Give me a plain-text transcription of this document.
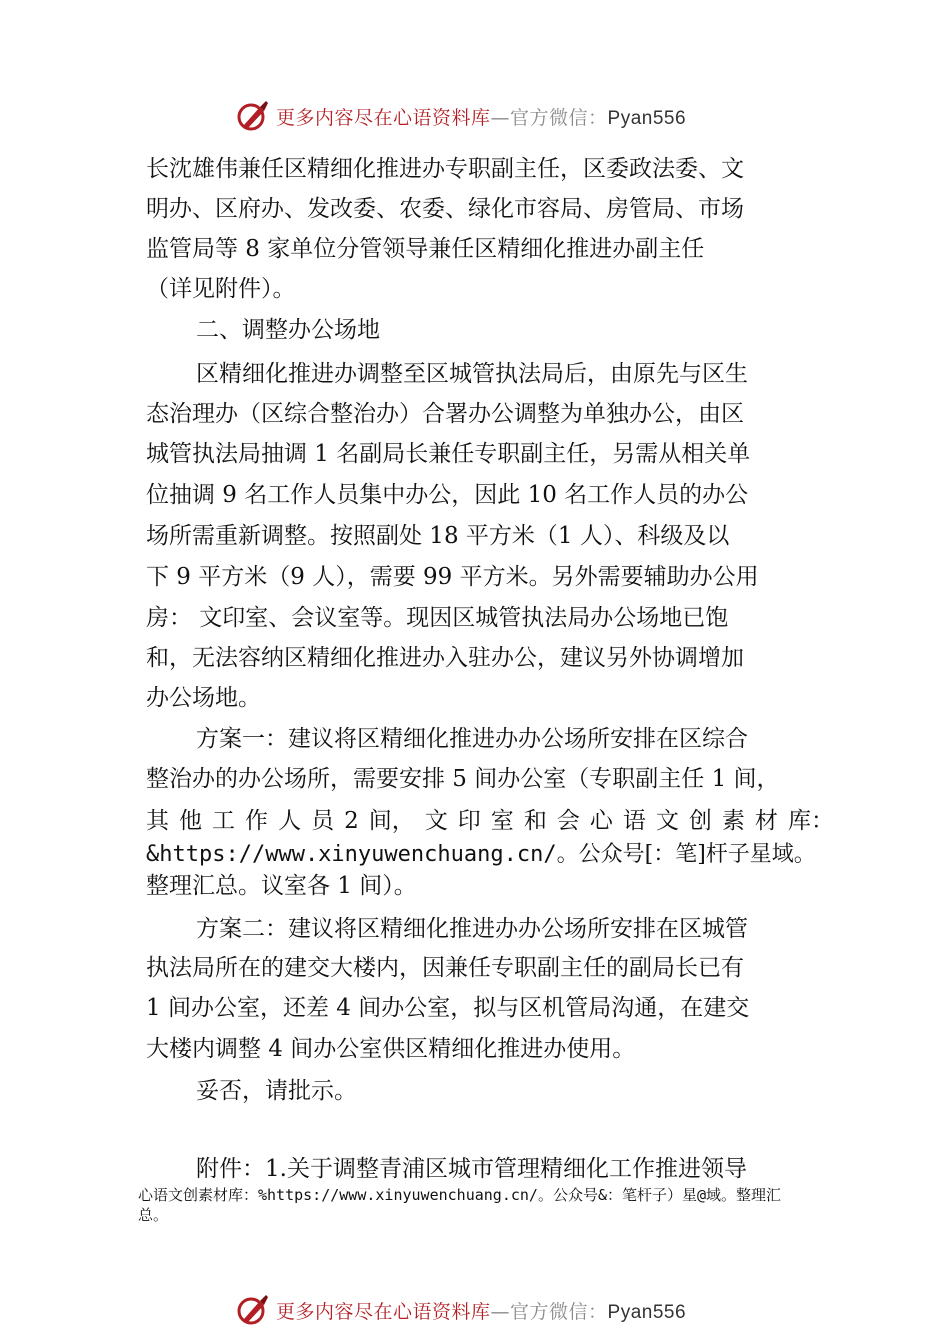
更多内容尽在心语资料库—官方微信：Pyan556
长沈雄伟兼任区精细化推进办专职副主任，区委政法委、文
明办、区府办、发改委、农委、绿化市容局、房管局、市场
监管局等 8 家单位分管领导兼任区精细化推进办副主任
（详见附件）。
二、调整办公场地
区精细化推进办调整至区城管执法局后，由原先与区生
态治理办（区综合整治办）合署办公调整为单独办公，由区
城管执法局抽调 1 名副局长兼任专职副主任，另需从相关单
位抽调 9 名工作人员集中办公，因此 10 名工作人员的办公
场所需重新调整。按照副处 18 平方米（1 人）、科级及以
下 9 平方米（9 人），需要 99 平方米。另外需要辅助办公用
房： 文印室、会议室等。现因区城管执法局办公场地已饱
和，无法容纳区精细化推进办入驻办公，建议另外协调增加
办公场地。
方案一：建议将区精细化推进办办公场所安排在区综合
整治办的办公场所，需要安排 5 间办公室（专职副主任 1 间，
其 他 工 作 人 员 2 间， 文 印 室 和 会 心 语 文 创 素 材 库：
&https://www.xinyuwenchuang.cn/。公众号[：笔]杆子星域。
整理汇总。议室各 1 间）。
方案二：建议将区精细化推进办办公场所安排在区城管
执法局所在的建交大楼内，因兼任专职副主任的副局长已有
1 间办公室，还差 4 间办公室，拟与区机管局沟通，在建交
大楼内调整 4 间办公室供区精细化推进办使用。
妥否，请批示。
附件：1.关于调整青浦区城市管理精细化工作推进领导
心语文创素材库：%https://www.xinyuwenchuang.cn/。公众号&：笔杆子）星@域。整理汇
总。
更多内容尽在心语资料库—官方微信：Pyan556
